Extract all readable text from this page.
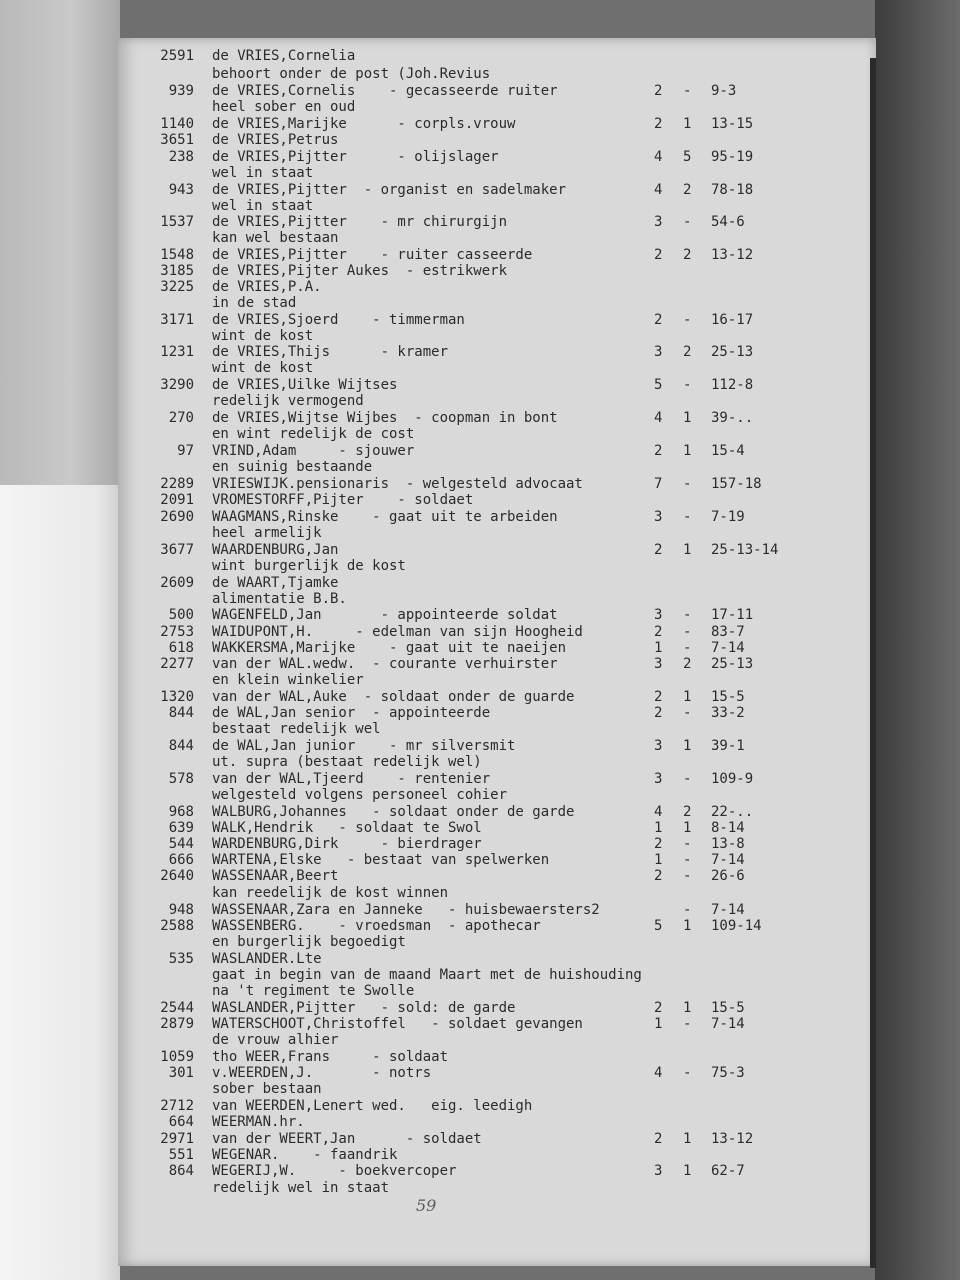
2591 de VRIES,Cornelia
behoort onder de post (Joh.Revius
939 de VRIES,Cornelis    - gecasseerde ruiter	2 - 9-3
heel sober en oud
1140 de VRIES,Marijke      - corpls.vrouw	2 1 13-15
3651 de VRIES,Petrus
238 de VRIES,Pijtter      - olijslager	4 5 95-19
wel in staat
943 de VRIES,Pijtter  - organist en sadelmaker	4 2 78-18
wel in staat
1537 de VRIES,Pijtter    - mr chirurgijn	3 - 54-6
kan wel bestaan
1548 de VRIES,Pijtter    - ruiter casseerde	2 2 13-12
3185 de VRIES,Pijter Aukes  - estrikwerk
3225 de VRIES,P.A.
in de stad
3171 de VRIES,Sjoerd    - timmerman	2 - 16-17
wint de kost
1231 de VRIES,Thijs      - kramer	3 2 25-13
wint de kost
3290 de VRIES,Uilke Wijtses	5 - 112-8
redelijk vermogend
270 de VRIES,Wijtse Wijbes  - coopman in bont	4 1 39-..
en wint redelijk de cost
97 VRIND,Adam     - sjouwer	2 1 15-4
en suinig bestaande
2289 VRIESWIJK.pensionaris  - welgesteld advocaat	7 - 157-18
2091 VROMESTORFF,Pijter    - soldaet
2690 WAAGMANS,Rinske    - gaat uit te arbeiden	3 - 7-19
heel armelijk
3677 WAARDENBURG,Jan	2 1 25-13-14
wint burgerlijk de kost
2609 de WAART,Tjamke
alimentatie B.B.
500 WAGENFELD,Jan       - appointeerde soldat	3 - 17-11
2753 WAIDUPONT,H.     - edelman van sijn Hoogheid	2 - 83-7
618 WAKKERSMA,Marijke    - gaat uit te naeijen	1 - 7-14
2277 van der WAL.wedw.  - courante verhuirster	3 2 25-13
en klein winkelier
1320 van der WAL,Auke  - soldaat onder de guarde	2 1 15-5
844 de WAL,Jan senior  - appointeerde	2 - 33-2
bestaat redelijk wel
844 de WAL,Jan junior    - mr silversmit	3 1 39-1
ut. supra (bestaat redelijk wel)
578 van der WAL,Tjeerd    - rentenier	3 - 109-9
welgesteld volgens personeel cohier
968 WALBURG,Johannes   - soldaat onder de garde	4 2 22-..
639 WALK,Hendrik   - soldaat te Swol	1 1 8-14
544 WARDENBURG,Dirk     - bierdrager	2 - 13-8
666 WARTENA,Elske   - bestaat van spelwerken	1 - 7-14
2640 WASSENAAR,Beert	2 - 26-6
kan reedelijk de kost winnen
948 WASSENAAR,Zara en Janneke   - huisbewaersters2	- 7-14
2588 WASSENBERG.    - vroedsman  - apothecar	5 1 109-14
en burgerlijk begoedigt
535 WASLANDER.Lte
gaat in begin van de maand Maart met de huishouding
na 't regiment te Swolle
2544 WASLANDER,Pijtter   - sold: de garde	2 1 15-5
2879 WATERSCHOOT,Christoffel   - soldaet gevangen	1 - 7-14
de vrouw alhier
1059 tho WEER,Frans     - soldaat
301 v.WEERDEN,J.       - notrs	4 - 75-3
sober bestaan
2712 van WEERDEN,Lenert wed.   eig. leedigh
664 WEERMAN.hr.
2971 van der WEERT,Jan      - soldaet	2 1 13-12
551 WEGENAR.    - faandrik
864 WEGERIJ,W.     - boekvercoper	3 1 62-7
redelijk wel in staat
59
